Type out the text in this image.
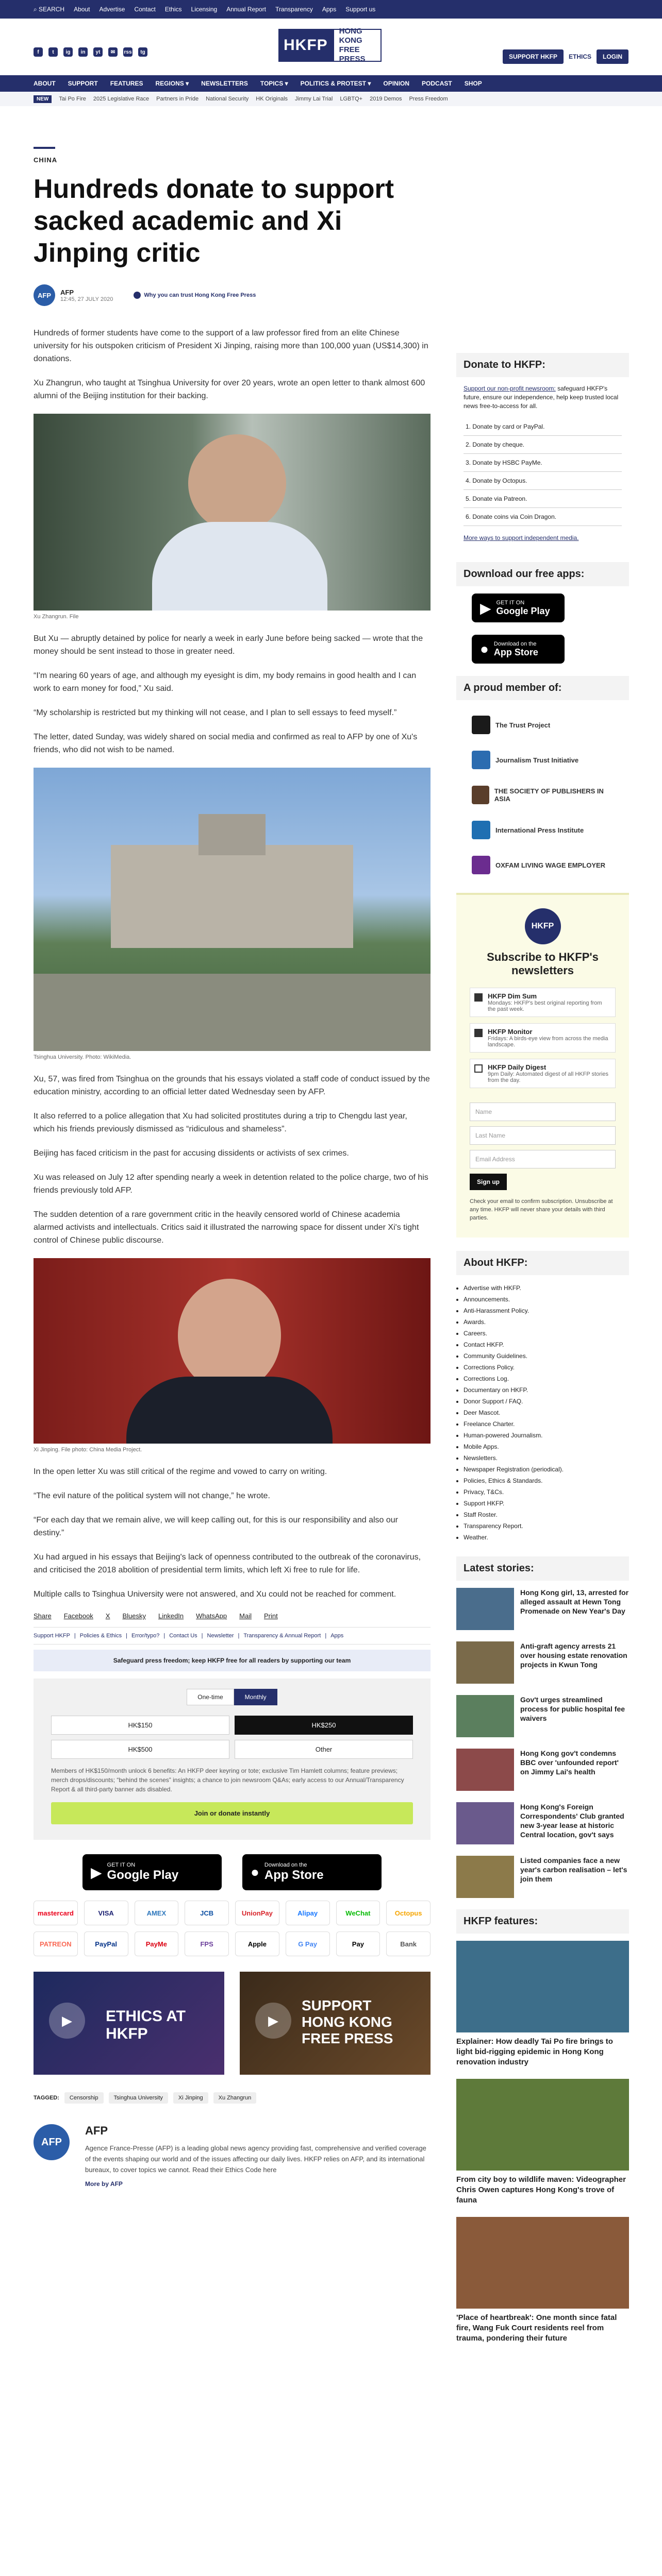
⌕ SEARCH About Advertise Contact Ethics Licensing Annual Report Transparency Apps Support us
f	t	ig	in	yt	✉	rss	tg	HKFP
HONG KONG
FREE PRESS	SUPPORT HKFP	ETHICS	LOGIN
ABOUT SUPPORT FEATURES REGIONS ▾ NEWSLETTERS TOPICS ▾ POLITICS & PROTEST ▾ OPINION PODCAST SHOP
NEW	Tai Po Fire 2025 Legislative Race Partners in Pride National Security HK Originals Jimmy Lai Trial LGBTQ+ 2019 Demos Press Freedom
CHINA
Hundreds donate to support sacked academic and Xi Jinping critic
AFP	AFP
12:45, 27 JULY 2020
Why you can trust Hong Kong Free Press

Hundreds of former students have come to the support of a law professor fired from an elite Chinese university for his outspoken criticism of President Xi Jinping, raising more than 100,000 yuan (US$14,300) in donations.

Xu Zhangrun, who taught at Tsinghua University for over 20 years, wrote an open letter to thank almost 600 alumni of the Beijing institution for their backing.

Xu Zhangrun. File

But Xu — abruptly detained by police for nearly a week in early June before being sacked — wrote that the money should be sent instead to those in greater need.

“I'm nearing 60 years of age, and although my eyesight is dim, my body remains in good health and I can work to earn money for food,” Xu said.

“My scholarship is restricted but my thinking will not cease, and I plan to sell essays to feed myself.”

The letter, dated Sunday, was widely shared on social media and confirmed as real to AFP by one of Xu's friends, who did not wish to be named.

Tsinghua University. Photo: WikiMedia.

Xu, 57, was fired from Tsinghua on the grounds that his essays violated a staff code of conduct issued by the education ministry, according to an official letter dated Wednesday seen by AFP.

It also referred to a police allegation that Xu had solicited prostitutes during a trip to Chengdu last year, which his friends previously dismissed as “ridiculous and shameless”.

Beijing has faced criticism in the past for accusing dissidents or activists of sex crimes.

Xu was released on July 12 after spending nearly a week in detention related to the police charge, two of his friends previously told AFP.

The sudden detention of a rare government critic in the heavily censored world of Chinese academia alarmed activists and intellectuals. Critics said it illustrated the narrowing space for dissent under Xi's tight control of Chinese public discourse.

Xi Jinping. File photo: China Media Project.

In the open letter Xu was still critical of the regime and vowed to carry on writing.

“The evil nature of the political system will not change,” he wrote.

“For each day that we remain alive, we will keep calling out, for this is our responsibility and also our destiny.”

Xu had argued in his essays that Beijing's lack of openness contributed to the outbreak of the coronavirus, and criticised the 2018 abolition of presidential term limits, which left Xi free to rule for life.

Multiple calls to Tsinghua University were not answered, and Xu could not be reached for comment.

Share Facebook X Bluesky LinkedIn WhatsApp Mail Print
Support HKFP | Policies & Ethics | Error/typo? | Contact Us | Newsletter | Transparency & Annual Report | Apps
Safeguard press freedom; keep HKFP free for all readers by supporting our team
One-time	Monthly
HK$150	HK$250
HK$500	Other
Members of HK$150/month unlock 6 benefits: An HKFP deer keyring or tote; exclusive Tim Hamlett columns; feature previews; merch drops/discounts; “behind the scenes” insights; a chance to join newsroom Q&As; early access to our Annual/Transparency Report & all third-party banner ads disabled.
Join or donate instantly
▶ GET IT ON
Google Play	● Download on the
App Store
mastercard	VISA	AMEX	JCB	UnionPay	Alipay	WeChat	Octopus
PATREON	PayPal	PayMe	FPS	Apple	G Pay	Pay	Bank
▶	ETHICS AT HKFP
▶
SUPPORT HONG KONG FREE PRESS
TAGGED:	Censorship	Tsinghua University	Xi Jinping	Xu Zhangrun
AFP
AFP
Agence France-Presse (AFP) is a leading global news agency providing fast, comprehensive and verified coverage of the events shaping our world and of the issues affecting our daily lives. HKFP relies on AFP, and its international bureaux, to cover topics we cannot. Read their Ethics Code here
More by AFP
Donate to HKFP:
Support our non-profit newsroom: safeguard HKFP's future, ensure our independence, help keep trusted local news free-to-access for all.
1. Donate by card or PayPal.
2. Donate by cheque.
3. Donate by HSBC PayMe.
4. Donate by Octopus.
5. Donate via Patreon.
6. Donate coins via Coin Dragon.
More ways to support independent media.
Download our free apps:
▶ GET IT ON
Google Play
● Download on the
App Store
A proud member of:
The Trust Project
Journalism Trust Initiative
THE SOCIETY OF PUBLISHERS IN ASIA
International Press Institute
OXFAM LIVING WAGE EMPLOYER
HKFP
Subscribe to HKFP's newsletters
HKFP Dim Sum
Mondays: HKFP's best original reporting from the past week.
HKFP Monitor
Fridays: A birds-eye view from across the media landscape.
HKFP Daily Digest
9pm Daily: Automated digest of all HKFP stories from the day.
Name
Last Name
Email Address
Sign up
Check your email to confirm subscription. Unsubscribe at any time. HKFP will never share your details with third parties.
About HKFP:
• Advertise with HKFP.
• Announcements.
• Anti-Harassment Policy.
• Awards.
• Careers.
• Contact HKFP.
• Community Guidelines.
• Corrections Policy.
• Corrections Log.
• Documentary on HKFP.
• Donor Support / FAQ.
• Deer Mascot.
• Freelance Charter.
• Human-powered Journalism.
• Mobile Apps.
• Newsletters.
• Newspaper Registration (periodical).
• Policies, Ethics & Standards.
• Privacy, T&Cs.
• Support HKFP.
• Staff Roster.
• Transparency Report.
• Weather.
Latest stories:
Hong Kong girl, 13, arrested for alleged assault at Hewn Tong Promenade on New Year's Day
Anti-graft agency arrests 21 over housing estate renovation projects in Kwun Tong
Gov't urges streamlined process for public hospital fee waivers
Hong Kong gov't condemns BBC over 'unfounded report' on Jimmy Lai's health
Hong Kong's Foreign Correspondents' Club granted new 3-year lease at historic Central location, gov't says
Listed companies face a new year's carbon realisation – let's join them
HKFP features:
Explainer: How deadly Tai Po fire brings to light bid-rigging epidemic in Hong Kong renovation industry
From city boy to wildlife maven: Videographer Chris Owen captures Hong Kong's trove of fauna
'Place of heartbreak': One month since fatal fire, Wang Fuk Court residents reel from trauma, pondering their future
